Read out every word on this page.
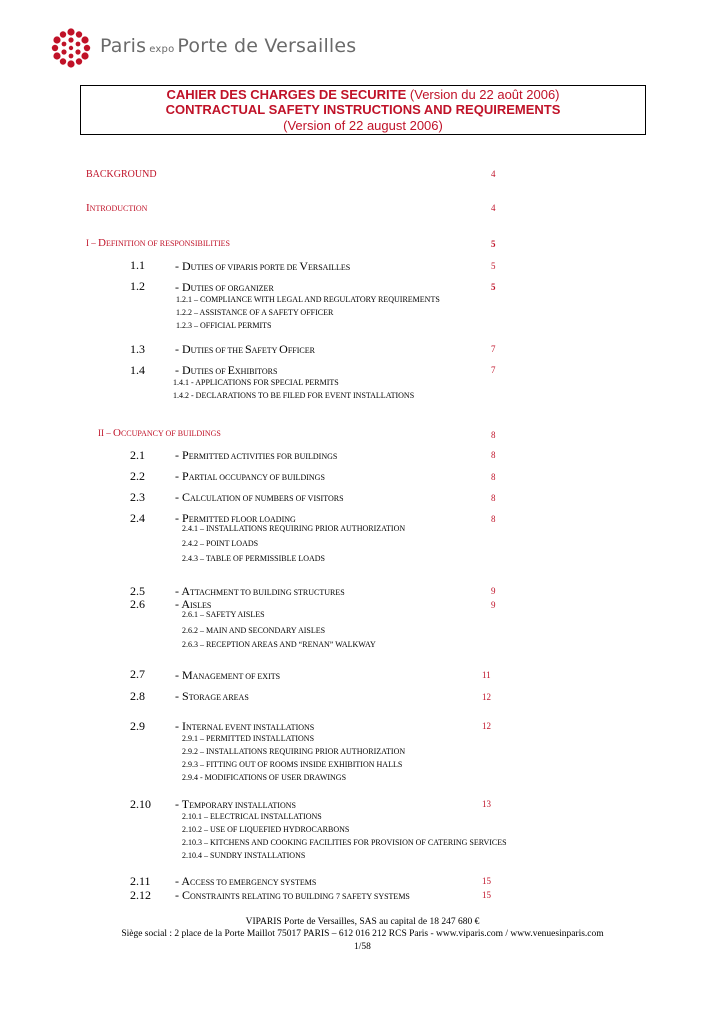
Paris expo Porte de Versailles
CAHIER DES CHARGES DE SECURITE (Version du 22 août 2006)
CONTRACTUAL SAFETY INSTRUCTIONS AND REQUIREMENTS
(Version of 22 august 2006)
BACKGROUND	4
INTRODUCTION	4
I – DEFINITION OF RESPONSIBILITIES	5
1.1	- DUTIES OF VIPARIS PORTE DE VERSAILLES	5
1.2	- DUTIES OF ORGANIZER	5
1.2.1 – COMPLIANCE WITH LEGAL AND REGULATORY REQUIREMENTS
1.2.2 – ASSISTANCE OF A SAFETY OFFICER
1.2.3 – OFFICIAL PERMITS
1.3	- DUTIES OF THE SAFETY OFFICER	7
1.4	- DUTIES OF EXHIBITORS	7
1.4.1 - APPLICATIONS FOR SPECIAL PERMITS
1.4.2 - DECLARATIONS TO BE FILED FOR EVENT INSTALLATIONS
II – OCCUPANCY OF BUILDINGS	8
2.1	- PERMITTED ACTIVITIES FOR BUILDINGS	8
2.2	- PARTIAL OCCUPANCY OF BUILDINGS	8
2.3	- CALCULATION OF NUMBERS OF VISITORS	8
2.4	- PERMITTED FLOOR LOADING	8
2.4.1 – INSTALLATIONS REQUIRING PRIOR AUTHORIZATION
2.4.2 – POINT LOADS
2.4.3 – TABLE OF PERMISSIBLE LOADS
2.5	- ATTACHMENT TO BUILDING STRUCTURES	9
2.6	- AISLES	9
2.6.1 – SAFETY AISLES
2.6.2 – MAIN AND SECONDARY AISLES
2.6.3 – RECEPTION AREAS AND “RENAN” WALKWAY
2.7	- MANAGEMENT OF EXITS	11
2.8	- STORAGE AREAS	12
2.9	- INTERNAL EVENT INSTALLATIONS	12
2.9.1 – PERMITTED INSTALLATIONS
2.9.2 – INSTALLATIONS REQUIRING PRIOR AUTHORIZATION
2.9.3 – FITTING OUT OF ROOMS INSIDE EXHIBITION HALLS
2.9.4 - MODIFICATIONS OF USER DRAWINGS
2.10 - TEMPORARY INSTALLATIONS	13
2.10.1 – ELECTRICAL INSTALLATIONS
2.10.2 – USE OF LIQUEFIED HYDROCARBONS
2.10.3 – KITCHENS AND COOKING FACILITIES FOR PROVISION OF CATERING SERVICES
2.10.4 – SUNDRY INSTALLATIONS
2.11 - ACCESS TO EMERGENCY SYSTEMS	15
2.12 - CONSTRAINTS RELATING TO BUILDING 7 SAFETY SYSTEMS	15
VIPARIS Porte de Versailles, SAS au capital de 18 247 680 €
Siège social : 2 place de la Porte Maillot 75017 PARIS – 612 016 212 RCS Paris - www.viparis.com / www.venuesinparis.com
1/58
